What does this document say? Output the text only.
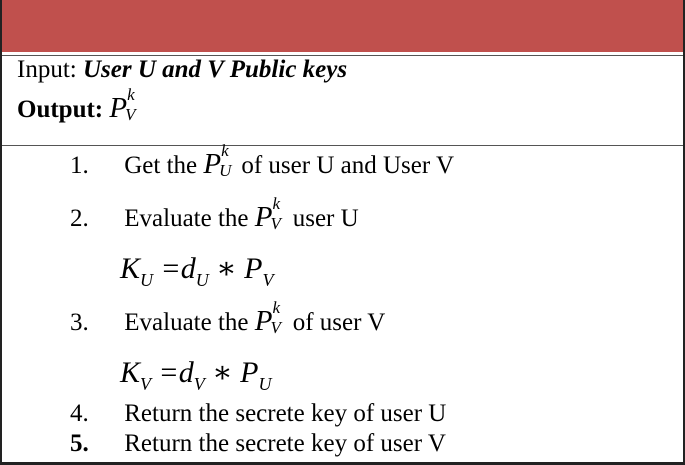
Input: User U and V Public keys
Output: P k
V
1. Get the P k
U of user U and User V
2. Evaluate the P k
V user U
$K_U =d_U$ ∗ $P_V$
3. Evaluate the P k
V of user V
$K_V =d_V$ ∗ $P_U$
4. Return the secrete key of user U
5. Return the secrete key of user V
